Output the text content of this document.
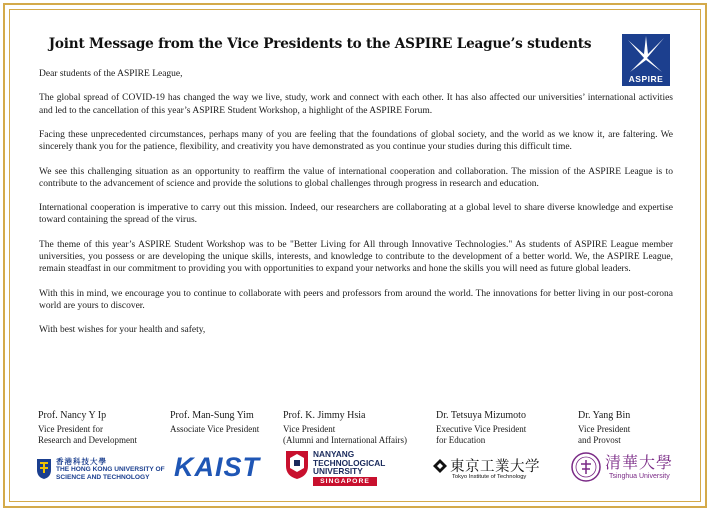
Joint Message from the Vice Presidents to the ASPIRE League’s students
ASPIRE

Dear students of the ASPIRE League,

The global spread of COVID-19 has changed the way we live, study, work and connect with each other. It has also affected our universities’ international activities and led to the cancellation of this year’s ASPIRE Student Workshop, a highlight of the ASPIRE Forum.

Facing these unprecedented circumstances, perhaps many of you are feeling that the foundations of global society, and the world as we know it, are faltering. We sincerely thank you for the patience, flexibility, and creativity you have demonstrated as you continue your studies during this difficult time.

We see this challenging situation as an opportunity to reaffirm the value of international cooperation and collaboration. The mission of the ASPIRE League is to contribute to the advancement of science and provide the solutions to global challenges through progress in research and education.

International cooperation is imperative to carry out this mission. Indeed, our researchers are collaborating at a global level to share diverse knowledge and expertise toward containing the spread of the virus.

The theme of this year’s ASPIRE Student Workshop was to be "Better Living for All through Innovative Technologies." As students of ASPIRE League member universities, you possess or are developing the unique skills, interests, and knowledge to contribute to the development of a better world. We, the ASPIRE League, remain steadfast in our commitment to providing you with opportunities to expand your networks and hone the skills you will need as future global leaders.

With this in mind, we encourage you to continue to collaborate with peers and professors from around the world. The innovations for better living in our post-corona world are yours to discover.

With best wishes for your health and safety,

Prof. Nancy Y Ip
Vice President for
Research and Development
Prof. Man-Sung Yim
Associate Vice President
Prof. K. Jimmy Hsia
Vice President
(Alumni and International Affairs)
Dr. Tetsuya Mizumoto
Executive Vice President
for Education
Dr. Yang Bin
Vice President
and Provost
香港科技大學
THE HONG KONG UNIVERSITY OF
SCIENCE AND TECHNOLOGY KAIST	NANYANG
TECHNOLOGICAL
UNIVERSITY
SINGAPORE
東京工業大学
Tokyo Institute of Technology
清華大學
Tsinghua University
